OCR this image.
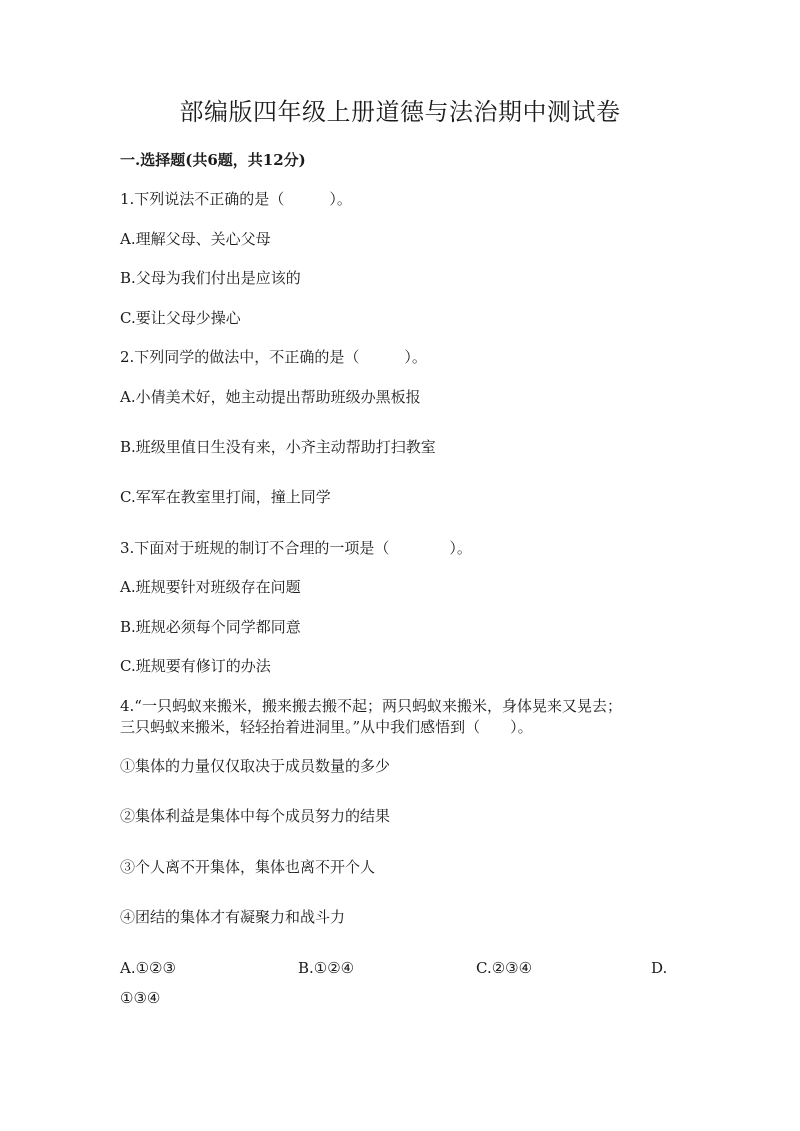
部编版四年级上册道德与法治期中测试卷
一.选择题(共6题，共12分)
1.下列说法不正确的是（　　　）。
A.理解父母、关心父母
B.父母为我们付出是应该的
C.要让父母少操心
2.下列同学的做法中，不正确的是（　　　）。
A.小倩美术好，她主动提出帮助班级办黑板报
B.班级里值日生没有来，小齐主动帮助打扫教室
C.军军在教室里打闹，撞上同学
3.下面对于班规的制订不合理的一项是（　　　　）。
A.班规要针对班级存在问题
B.班规必须每个同学都同意
C.班规要有修订的办法
4.“一只蚂蚁来搬米，搬来搬去搬不起；两只蚂蚁来搬米，身体晃来又晃去；
三只蚂蚁来搬米，轻轻抬着进洞里。”从中我们感悟到（　　）。
①集体的力量仅仅取决于成员数量的多少
②集体利益是集体中每个成员努力的结果
③个人离不开集体，集体也离不开个人
④团结的集体才有凝聚力和战斗力
A.①②③	B.①②④	C.②③④	D.
①③④
